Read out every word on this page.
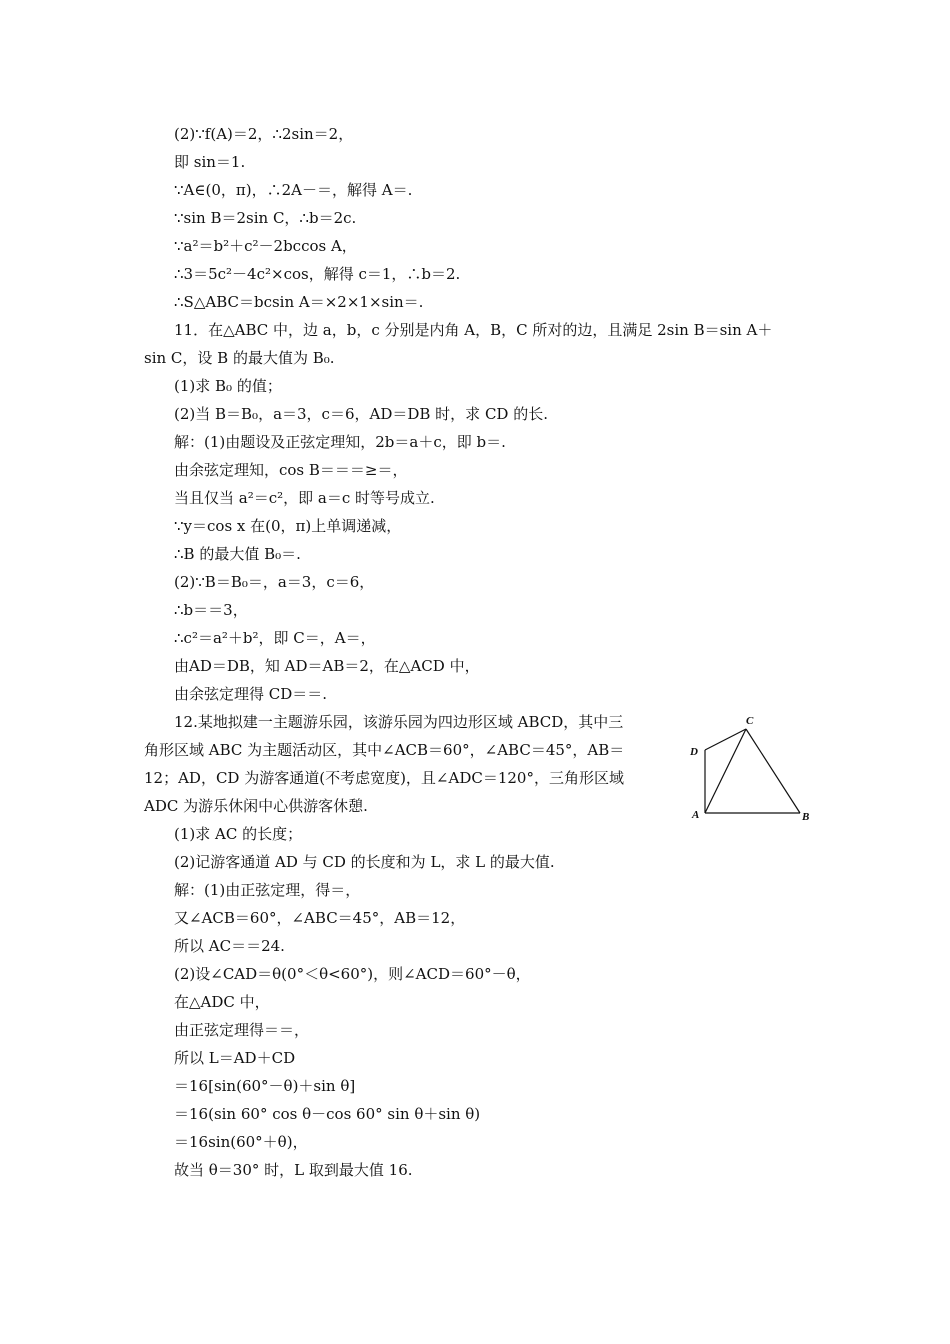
(2)∵f(A)＝2，∴2sin＝2，
即 sin＝1.
∵A∈(0，π)，∴2A－＝，解得 A＝.
∵sin B＝2sin C，∴b＝2c.
∵a²＝b²＋c²－2bccos A，
∴3＝5c²－4c²×cos，解得 c＝1，∴b＝2.
∴S△ABC＝bcsin A＝×2×1×sin＝.
11．在△ABC 中，边 a，b，c 分别是内角 A，B，C 所对的边，且满足 2sin B＝sin A＋
sin C，设 B 的最大值为 B₀.
(1)求 B₀ 的值；
(2)当 B＝B₀，a＝3，c＝6，AD＝DB 时，求 CD 的长.
解：(1)由题设及正弦定理知，2b＝a＋c，即 b＝.
由余弦定理知，cos B＝＝＝≥＝，
当且仅当 a²＝c²，即 a＝c 时等号成立.
∵y＝cos x 在(0，π)上单调递减，
∴B 的最大值 B₀＝.
(2)∵B＝B₀＝，a＝3，c＝6，
∴b＝＝3，
∴c²＝a²＋b²，即 C＝，A＝，
由AD＝DB，知 AD＝AB＝2，在△ACD 中，
由余弦定理得 CD＝＝.
12.某地拟建一主题游乐园，该游乐园为四边形区域 ABCD，其中三
角形区域 ABC 为主题活动区，其中∠ACB＝60°，∠ABC＝45°，AB＝
12；AD，CD 为游客通道(不考虑宽度)，且∠ADC＝120°，三角形区域
ADC 为游乐休闲中心供游客休憩.
(1)求 AC 的长度；
(2)记游客通道 AD 与 CD 的长度和为 L，求 L 的最大值.
解：(1)由正弦定理，得＝，
又∠ACB＝60°，∠ABC＝45°，AB＝12，
所以 AC＝＝24.
(2)设∠CAD＝θ(0°＜θ<60°)，则∠ACD＝60°－θ，
在△ADC 中，
由正弦定理得＝＝，
所以 L＝AD＋CD
＝16[sin(60°－θ)＋sin θ]
＝16(sin 60° cos θ－cos 60° sin θ＋sin θ)
＝16sin(60°＋θ)，
故当 θ＝30° 时，L 取到最大值 16.
C
D
A	B
